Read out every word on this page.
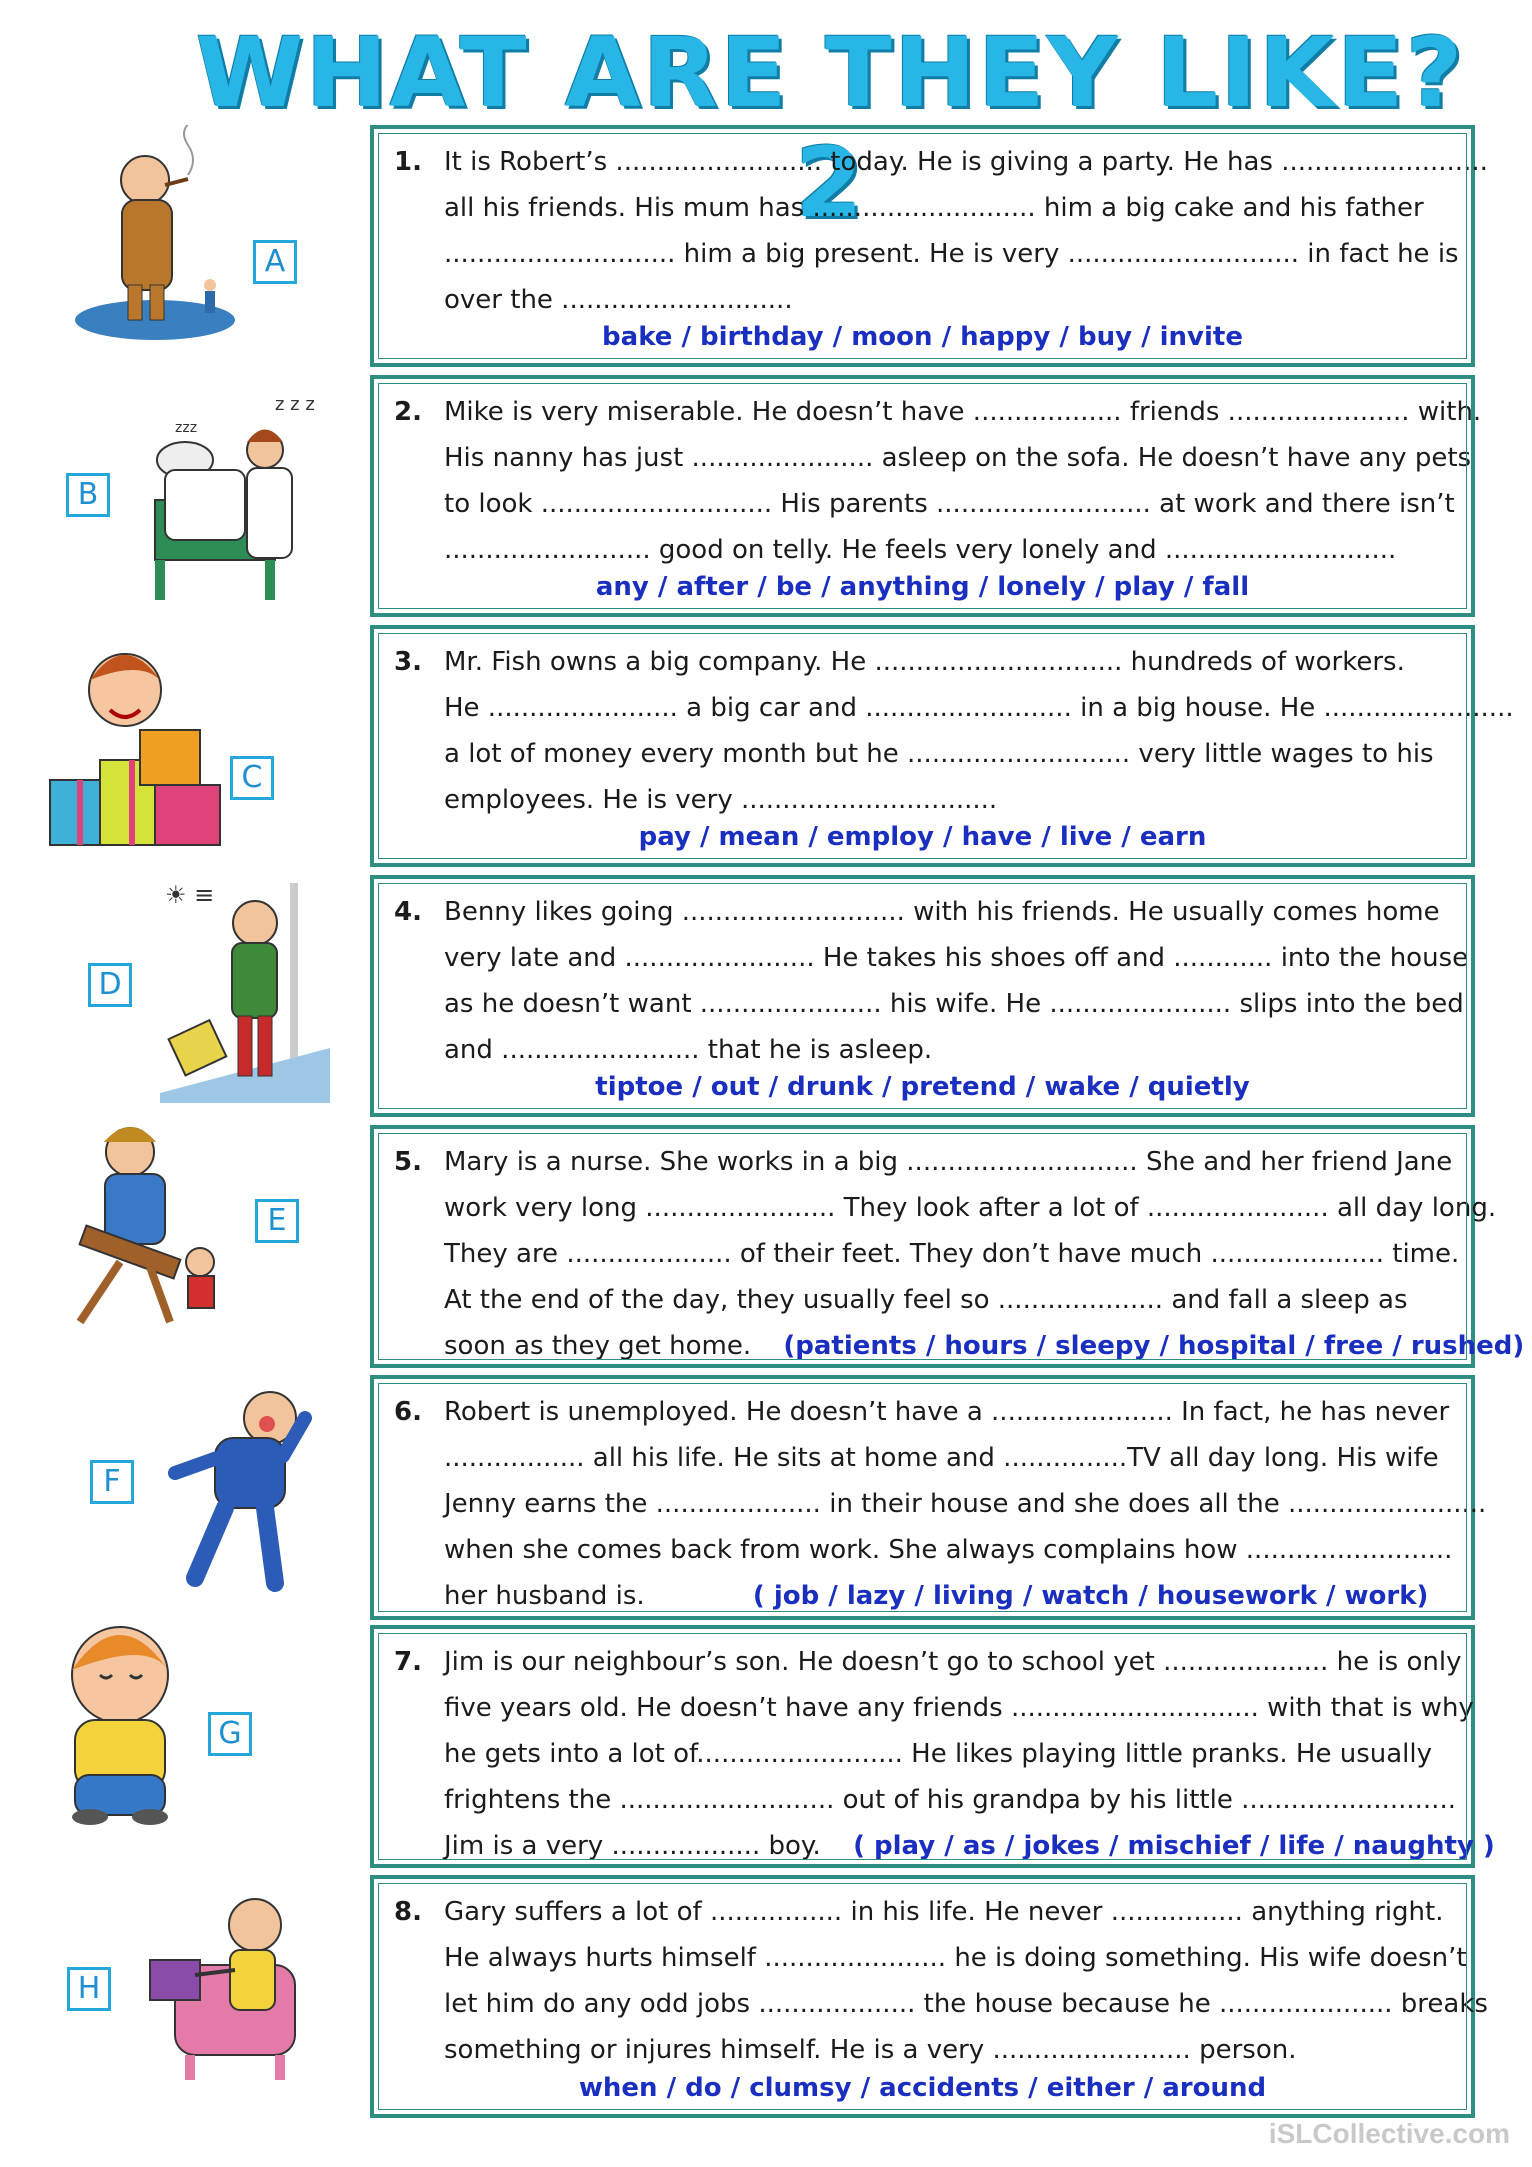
WHAT ARE THEY LIKE? 2
A
1. It is Robert’s ......................... today. He is giving a party. He has .........................
all his friends. His mum has ........................... him a big cake and his father
............................ him a big present. He is very ............................ in fact he is
over the ............................
bake / birthday / moon / happy / buy / invite
z z z
zzz
B
2. Mike is very miserable. He doesn’t have .................. friends ...................... with.
His nanny has just ...................... asleep on the sofa. He doesn’t have any pets
to look ............................ His parents .......................... at work and there isn’t
......................... good on telly. He feels very lonely and ............................
any / after / be / anything / lonely / play / fall
C
3. Mr. Fish owns a big company. He .............................. hundreds of workers.
He ....................... a big car and ......................... in a big house. He .......................
a lot of money every month but he ........................... very little wages to his
employees. He is very ...............................
pay / mean / employ / have / live / earn
☀ ≡
D
4. Benny likes going ........................... with his friends. He usually comes home
very late and ....................... He takes his shoes off and ............ into the house
as he doesn’t want ...................... his wife. He ...................... slips into the bed
and ........................ that he is asleep.
tiptoe / out / drunk / pretend / wake / quietly
E
5. Mary is a nurse. She works in a big ............................ She and her friend Jane
work very long ....................... They look after a lot of ...................... all day long.
They are .................... of their feet. They don’t have much ..................... time.
At the end of the day, they usually feel so .................... and fall a sleep as
soon as they get home. (patients / hours / sleepy / hospital / free / rushed)
F
6. Robert is unemployed. He doesn’t have a ...................... In fact, he has never
................. all his life. He sits at home and ...............TV all day long. His wife
Jenny earns the .................... in their house and she does all the ........................
when she comes back from work. She always complains how .........................
her husband is.	( job / lazy / living / watch / housework / work)
G
7. Jim is our neighbour’s son. He doesn’t go to school yet .................... he is only
five years old. He doesn’t have any friends .............................. with that is why
he gets into a lot of......................... He likes playing little pranks. He usually
frightens the .......................... out of his grandpa by his little ..........................
Jim is a very .................. boy. ( play / as / jokes / mischief / life / naughty )
H
8. Gary suffers a lot of ................ in his life. He never ................ anything right.
He always hurts himself ...................... he is doing something. His wife doesn’t
let him do any odd jobs ................... the house because he ..................... breaks
something or injures himself. He is a very ........................ person.
when / do / clumsy / accidents / either / around
iSLCollective.com
